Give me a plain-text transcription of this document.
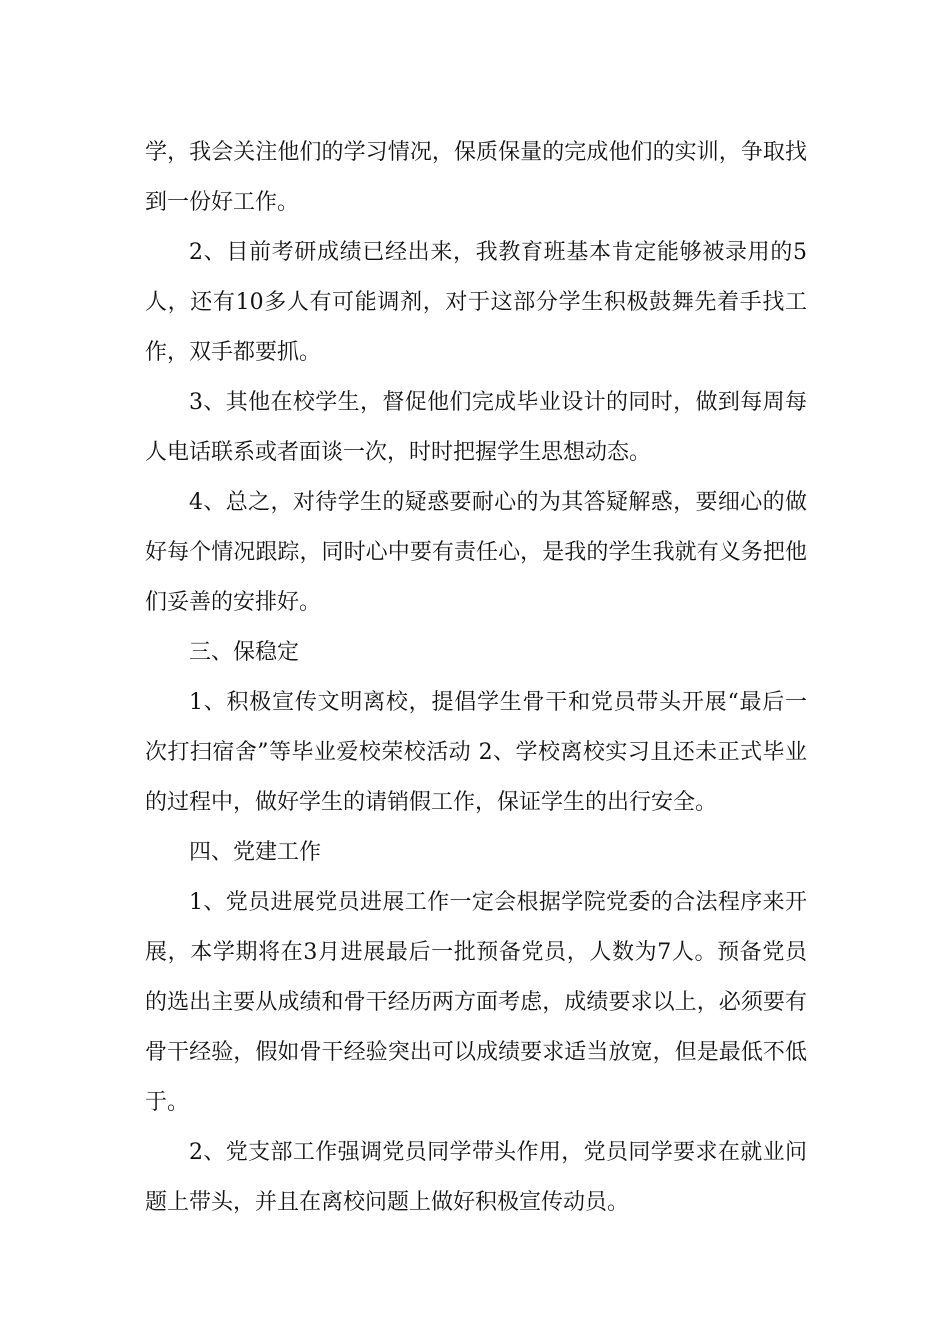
学，我会关注他们的学习情况，保质保量的完成他们的实训，争取找到一份好工作。

2、目前考研成绩已经出来，我教育班基本肯定能够被录用的5人，还有10多人有可能调剂，对于这部分学生积极鼓舞先着手找工作，双手都要抓。

3、其他在校学生，督促他们完成毕业设计的同时，做到每周每人电话联系或者面谈一次，时时把握学生思想动态。

4、总之，对待学生的疑惑要耐心的为其答疑解惑，要细心的做好每个情况跟踪，同时心中要有责任心，是我的学生我就有义务把他们妥善的安排好。

三、保稳定

1、积极宣传文明离校，提倡学生骨干和党员带头开展“最后一次打扫宿舍”等毕业爱校荣校活动 2、学校离校实习且还未正式毕业的过程中，做好学生的请销假工作，保证学生的出行安全。

四、党建工作

1、党员进展党员进展工作一定会根据学院党委的合法程序来开展，本学期将在3月进展最后一批预备党员，人数为7人。预备党员的选出主要从成绩和骨干经历两方面考虑，成绩要求以上，必须要有骨干经验，假如骨干经验突出可以成绩要求适当放宽，但是最低不低于。

2、党支部工作强调党员同学带头作用，党员同学要求在就业问题上带头，并且在离校问题上做好积极宣传动员。
